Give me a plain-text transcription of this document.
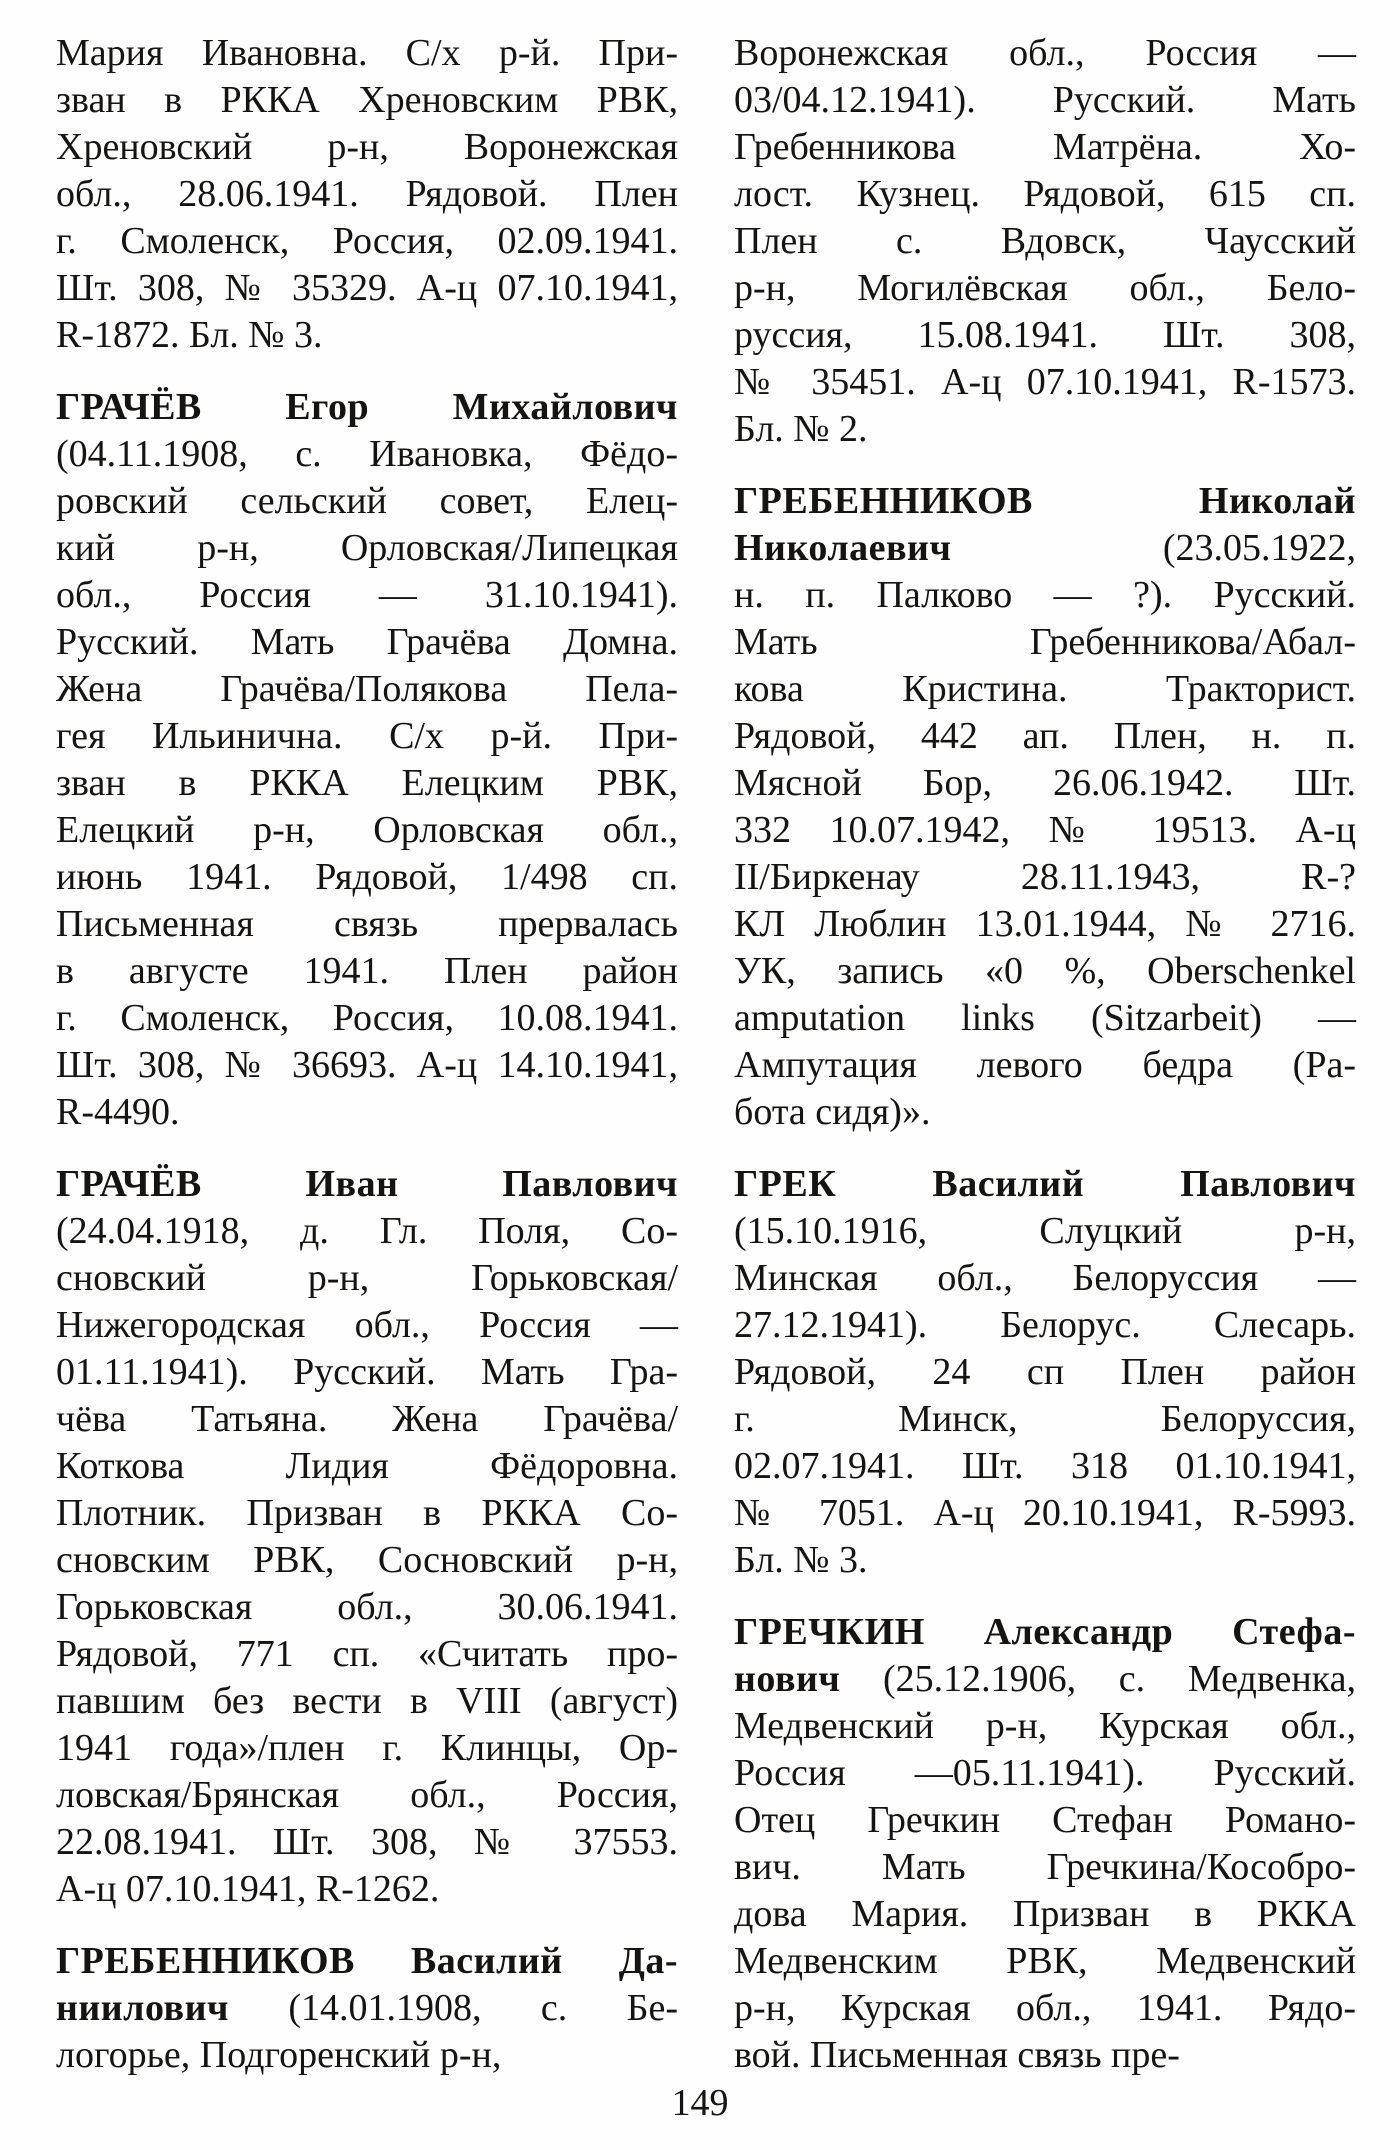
Мария Ивановна. С/х р-й. При-
зван в РККА Хреновским РВК,
Хреновский р-н, Воронежская
обл., 28.06.1941. Рядовой. Плен
г. Смоленск, Россия, 02.09.1941.
Шт. 308, № 35329. А-ц 07.10.1941,
R-1872. Бл. № 3.
ГРАЧЁВ Егор Михайлович
(04.11.1908, с. Ивановка, Фёдо-
ровский сельский совет, Елец-
кий р-н, Орловская/Липецкая
обл., Россия — 31.10.1941).
Русский. Мать Грачёва Домна.
Жена Грачёва/Полякова Пела-
гея Ильинична. С/х р-й. При-
зван в РККА Елецким РВК,
Елецкий р-н, Орловская обл.,
июнь 1941. Рядовой, 1/498 сп.
Письменная связь прервалась
в августе 1941. Плен район
г. Смоленск, Россия, 10.08.1941.
Шт. 308, № 36693. А-ц 14.10.1941,
R-4490.
ГРАЧЁВ Иван Павлович
(24.04.1918, д. Гл. Поля, Со-
сновский р-н, Горьковская/
Нижегородская обл., Россия —
01.11.1941). Русский. Мать Гра-
чёва Татьяна. Жена Грачёва/
Коткова Лидия Фёдоровна.
Плотник. Призван в РККА Со-
сновским РВК, Сосновский р-н,
Горьковская обл., 30.06.1941.
Рядовой, 771 сп. «Считать про-
павшим без вести в VIII (август)
1941 года»/плен г. Клинцы, Ор-
ловская/Брянская обл., Россия,
22.08.1941. Шт. 308, № 37553.
А-ц 07.10.1941, R-1262.
ГРЕБЕННИКОВ Василий Да-
ниилович (14.01.1908, с. Бе-
логорье, Подгоренский р-н,
Воронежская обл., Россия —
03/04.12.1941). Русский. Мать
Гребенникова Матрёна. Хо-
лост. Кузнец. Рядовой, 615 сп.
Плен с. Вдовск, Чаусский
р-н, Могилёвская обл., Бело-
руссия, 15.08.1941. Шт. 308,
№ 35451. А-ц 07.10.1941, R-1573.
Бл. № 2.
ГРЕБЕННИКОВ Николай
Николаевич (23.05.1922,
н. п. Палково — ?). Русский.
Мать Гребенникова/Абал-
кова Кристина. Тракторист.
Рядовой, 442 ап. Плен, н. п.
Мясной Бор, 26.06.1942. Шт.
332 10.07.1942, № 19513. А-ц
II/Биркенау 28.11.1943, R-?
КЛ Люблин 13.01.1944, № 2716.
УК, запись «0 %, Oberschenkel
amputation links (Sitzarbeit) —
Ампутация левого бедра (Ра-
бота сидя)».
ГРЕК Василий Павлович
(15.10.1916, Слуцкий р-н,
Минская обл., Белоруссия —
27.12.1941). Белорус. Слесарь.
Рядовой, 24 сп Плен район
г. Минск, Белоруссия,
02.07.1941. Шт. 318 01.10.1941,
№ 7051. А-ц 20.10.1941, R-5993.
Бл. № 3.
ГРЕЧКИН Александр Стефа-
нович (25.12.1906, с. Медвенка,
Медвенский р-н, Курская обл.,
Россия —05.11.1941). Русский.
Отец Гречкин Стефан Романо-
вич. Мать Гречкина/Кособро-
дова Мария. Призван в РККА
Медвенским РВК, Медвенский
р-н, Курская обл., 1941. Рядо-
вой. Письменная связь пре-
149
